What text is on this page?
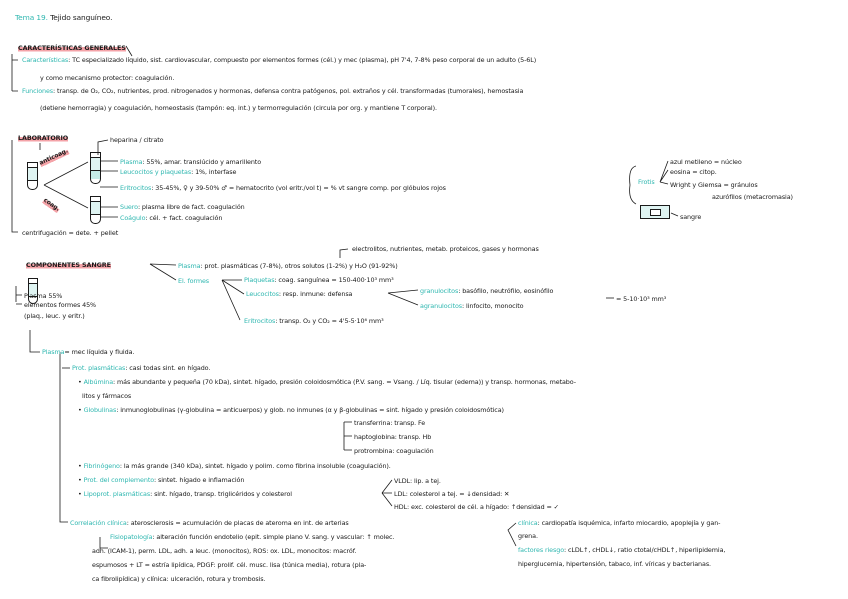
Tema 19. Tejido sanguíneo.
CARACTERÍSTICAS GENERALES
Características: TC especializado líquido, sist. cardiovascular, compuesto por elementos formes (cél.) y mec (plasma), pH 7'4, 7-8% peso corporal de un adulto (5-6L)
y como mecanismo protector: coagulación.
Funciones: transp. de O₂, CO₂, nutrientes, prod. nitrogenados y hormonas, defensa contra patógenos, pol. extraños y cél. transformadas (tumorales), hemostasia
(detiene hemorragia) y coagulación, homeostasis (tampón: eq. int.) y termorregulación (circula por org. y mantiene T corporal).
LABORATORIO	heparina / citrato
anticoag.
coag.
Plasma: 55%, amar. translúcido y amarillento
Leucocitos y plaquetas: 1%, interfase
Eritrocitos: 35-45%, ♀ y 39-50% ♂ = hematocrito (vol eritr./vol t) = % vt sangre comp. por glóbulos rojos
Suero: plasma libre de fact. coagulación
Coágulo: cél. + fact. coagulación
centrifugación = dete. + pellet
Frotis
azul metileno = núcleo
eosina = citop.
Wright y Giemsa = gránulos
azurófilos (metacromasia)
sangre
COMPONENTES SANGRE
Plasma 55%
elementos formes 45%
(plaq., leuc. y eritr.)
electrolitos, nutrientes, metab. proteicos, gases y hormonas
Plasma: prot. plasmáticas (7-8%), otros solutos (1-2%) y H₂O (91-92%)
El. formes	Plaquetas: coag. sanguínea = 150-400·10³ mm³
Leucocitos: resp. inmune: defensa	granulocitos: basófilo, neutrófilo, eosinófilo
agranulocitos: linfocito, monocito
= 5-10·10³ mm³
Eritrocitos: transp. O₂ y CO₂ = 4'5-5·10⁶ mm³
Plasma= mec líquida y fluida.
Prot. plasmáticas: casi todas sint. en hígado.
• Albúmina: más abundante y pequeña (70 kDa), sintet. hígado, presión coloidosmótica (P.V. sang. = Vsang. / Líq. tisular (edema)) y transp. hormonas, metabo-
litos y fármacos
• Globulinas: inmunoglobulinas (γ-globulina = anticuerpos) y glob. no inmunes (α y β-globulinas = sint. hígado y presión coloidosmótica)
transferrina: transp. Fe
haptoglobina: transp. Hb
protrombina: coagulación
• Fibrinógeno: la más grande (340 kDa), sintet. hígado y polim. como fibrina insoluble (coagulación).
• Prot. del complemento: sintet. hígado e inflamación
• Lipoprot. plasmáticas: sint. hígado, transp. triglicéridos y colesterol
VLDL: lip. a tej.
LDL: colesterol a tej. = ↓densidad: ✕
HDL: exc. colesterol de cél. a hígado: ↑densidad = ✓
Correlación clínica: aterosclerosis = acumulación de placas de ateroma en int. de arterias
Fisiopatología: alteración función endotelio (epit. simple plano V. sang. y vascular: ↑ molec.
adh. (ICAM-1), perm. LDL, adh. a leuc. (monocitos), ROS: ox. LDL, monocitos: macróf.
espumosos + LT = estría lipídica, PDGF: prolif. cél. musc. lisa (túnica media), rotura (pla-
ca fibrolipídica) y clínica: ulceración, rotura y trombosis.
clínica: cardiopatía isquémica, infarto miocardio, apoplejía y gan-
grena.
factores riesgo: cLDL↑, cHDL↓, ratio ctotal/cHDL↑, hiperlipidemia,
hiperglucemia, hipertensión, tabaco, inf. víricas y bacterianas.
